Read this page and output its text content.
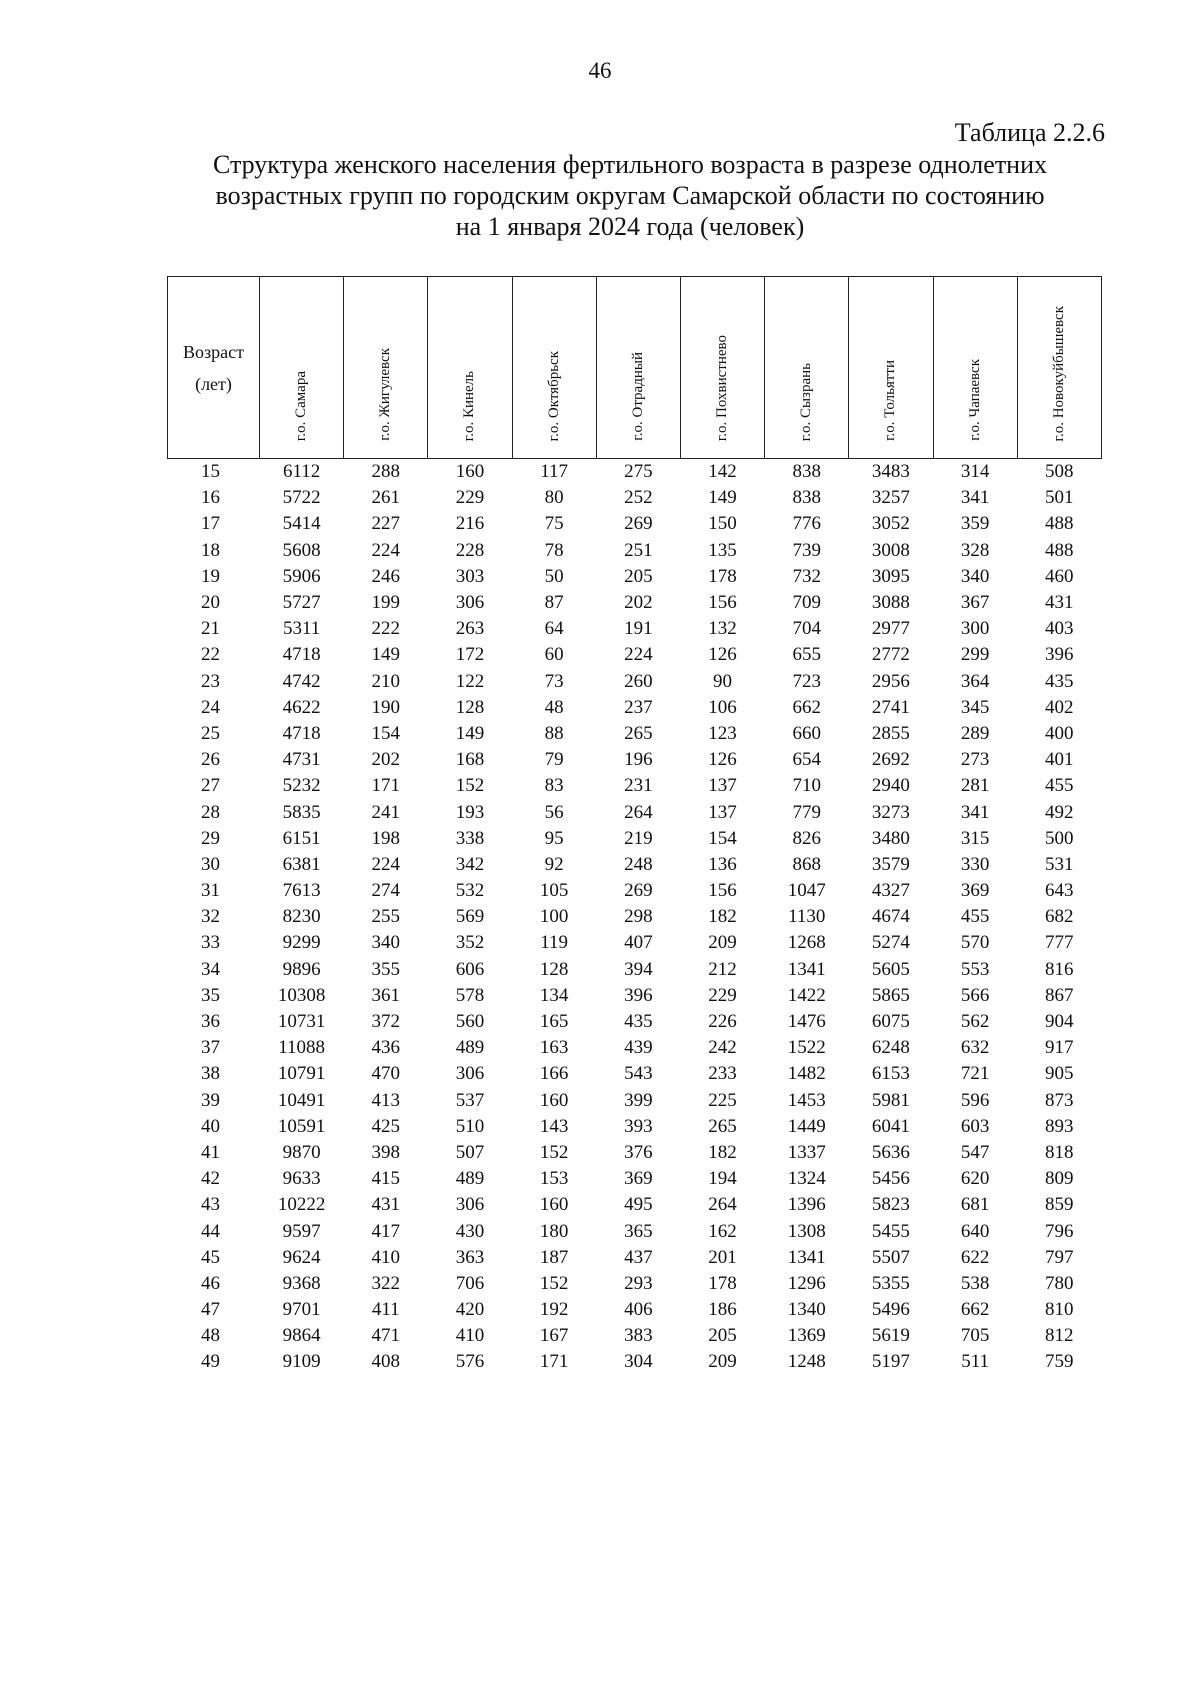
46
Таблица 2.2.6
Структура женского населения фертильного возраста в разрезе однолетних
возрастных групп по городским округам Самарской области по состоянию
на 1 января 2024 года (человек)
Возраст
(лет)	г.о. Самара	г.о. Жигулевск	г.о. Кинель	г.о. Октябрьск	г.о. Отрадный	г.о. Похвистнево	г.о. Сызрань	г.о. Тольятти	г.о. Чапаевск	г.о. Новокуйбышевск
15	6112	288	160	117	275	142	838	3483	314	508
16	5722	261	229	80	252	149	838	3257	341	501
17	5414	227	216	75	269	150	776	3052	359	488
18	5608	224	228	78	251	135	739	3008	328	488
19	5906	246	303	50	205	178	732	3095	340	460
20	5727	199	306	87	202	156	709	3088	367	431
21	5311	222	263	64	191	132	704	2977	300	403
22	4718	149	172	60	224	126	655	2772	299	396
23	4742	210	122	73	260	90	723	2956	364	435
24	4622	190	128	48	237	106	662	2741	345	402
25	4718	154	149	88	265	123	660	2855	289	400
26	4731	202	168	79	196	126	654	2692	273	401
27	5232	171	152	83	231	137	710	2940	281	455
28	5835	241	193	56	264	137	779	3273	341	492
29	6151	198	338	95	219	154	826	3480	315	500
30	6381	224	342	92	248	136	868	3579	330	531
31	7613	274	532	105	269	156	1047	4327	369	643
32	8230	255	569	100	298	182	1130	4674	455	682
33	9299	340	352	119	407	209	1268	5274	570	777
34	9896	355	606	128	394	212	1341	5605	553	816
35	10308	361	578	134	396	229	1422	5865	566	867
36	10731	372	560	165	435	226	1476	6075	562	904
37	11088	436	489	163	439	242	1522	6248	632	917
38	10791	470	306	166	543	233	1482	6153	721	905
39	10491	413	537	160	399	225	1453	5981	596	873
40	10591	425	510	143	393	265	1449	6041	603	893
41	9870	398	507	152	376	182	1337	5636	547	818
42	9633	415	489	153	369	194	1324	5456	620	809
43	10222	431	306	160	495	264	1396	5823	681	859
44	9597	417	430	180	365	162	1308	5455	640	796
45	9624	410	363	187	437	201	1341	5507	622	797
46	9368	322	706	152	293	178	1296	5355	538	780
47	9701	411	420	192	406	186	1340	5496	662	810
48	9864	471	410	167	383	205	1369	5619	705	812
49	9109	408	576	171	304	209	1248	5197	511	759
